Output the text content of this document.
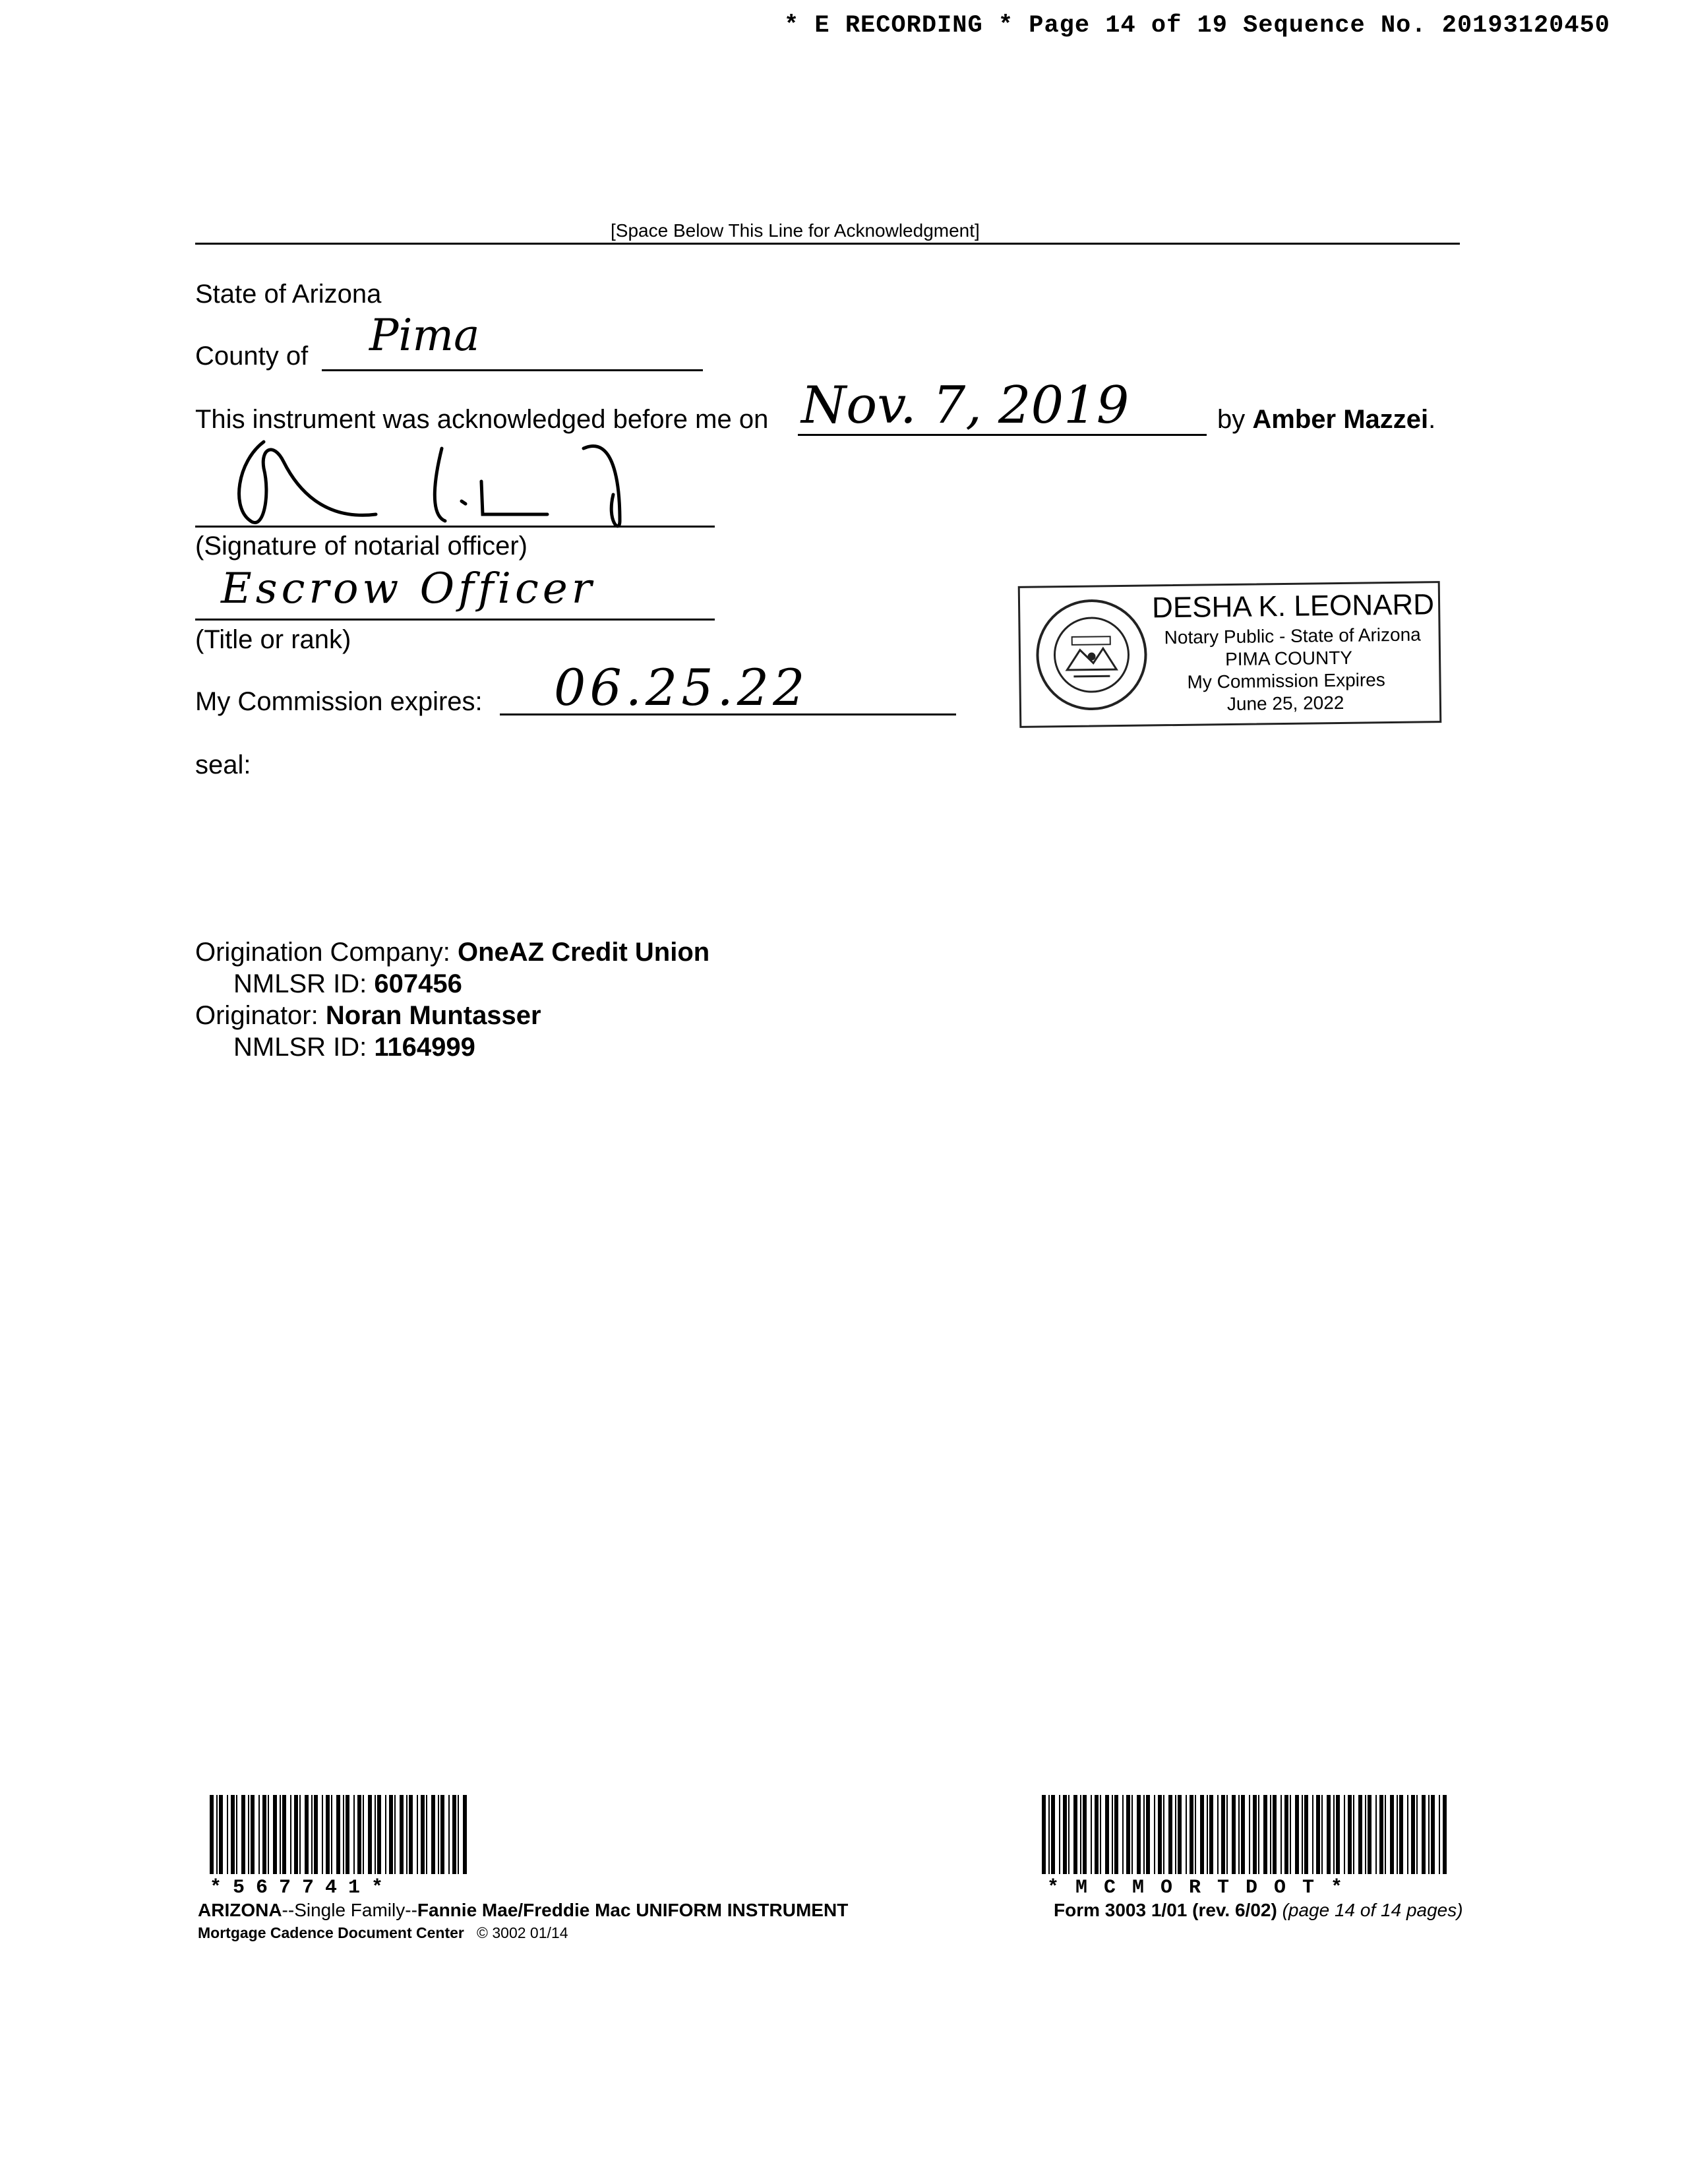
* E RECORDING * Page 14 of 19 Sequence No. 20193120450
[Space Below This Line for Acknowledgment]
State of Arizona
County of Pima
This instrument was acknowledged before me on Nov. 7, 2019	by Amber Mazzei.
(Signature of notarial officer)
Escrow Officer
(Title or rank)
My Commission expires: 06.25.22
seal:
DESHA K. LEONARD
Notary Public - State of Arizona
PIMA COUNTY
My Commission Expires
June 25, 2022
Origination Company: OneAZ Credit Union
NMLSR ID: 607456
Originator: Noran Muntasser
NMLSR ID: 1164999
*567741*	*MCMORTDOT*
ARIZONA--Single Family--Fannie Mae/Freddie Mac UNIFORM INSTRUMENT
Mortgage Cadence Document Center © 3002 01/14
Form 3003 1/01 (rev. 6/02) (page 14 of 14 pages)
